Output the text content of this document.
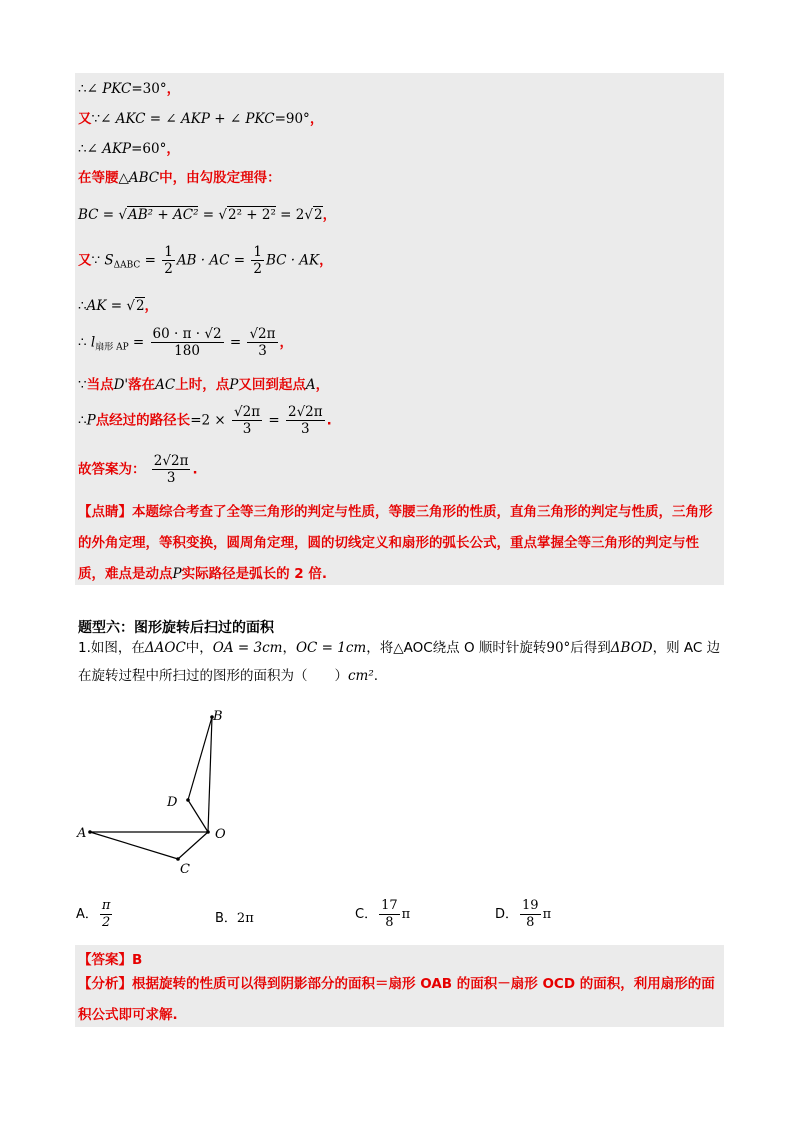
∴∠ PKC=30°，
又∵∠ AKC = ∠ AKP + ∠ PKC=90°，
∴∠ AKP=60°，
在等腰△ABC中，由勾股定理得：
BC = √AB² + AC² = √2² + 2² = 2√2，
又∵ $S_{\Delta ABC} = \frac{1}{2}$ AB · AC = $\frac{1}{2}$ BC · AK，
∴AK = √2，
∴ $l_{扇形 AP} = \frac{60 \cdot \pi \cdot √2}{180} = \frac{√2\pi}{3}$ ，
∵当点D'落在AC上时，点P又回到起点A，
∴P点经过的路径长$=2 \times \frac{√2\pi}{3} = \frac{2√2\pi}{3}$ .
故答案为： $\frac{2√2\pi}{3}$ .
【点睛】本题综合考查了全等三角形的判定与性质，等腰三角形的性质，直角三角形的判定与性质，三角形的外角定理，等积变换，圆周角定理，圆的切线定义和扇形的弧长公式，重点掌握全等三角形的判定与性质，难点是动点P实际路径是弧长的 2 倍.
题型六：图形旋转后扫过的面积
1.如图，在ΔAOC中，OA = 3cm，OC = 1cm，将△AOC绕点 O 顺时针旋转90°后得到ΔBOD，则 AC 边在旋转过程中所扫过的图形的面积为（　　）cm².
B
D
A	O
C
A． $\frac{\pi}{2}$	B．2π	C． $\frac{17}{8}$ π	D． $\frac{19}{8}$ π
【答案】B
【分析】根据旋转的性质可以得到阴影部分的面积＝扇形 OAB 的面积－扇形 OCD 的面积，利用扇形的面积公式即可求解.
